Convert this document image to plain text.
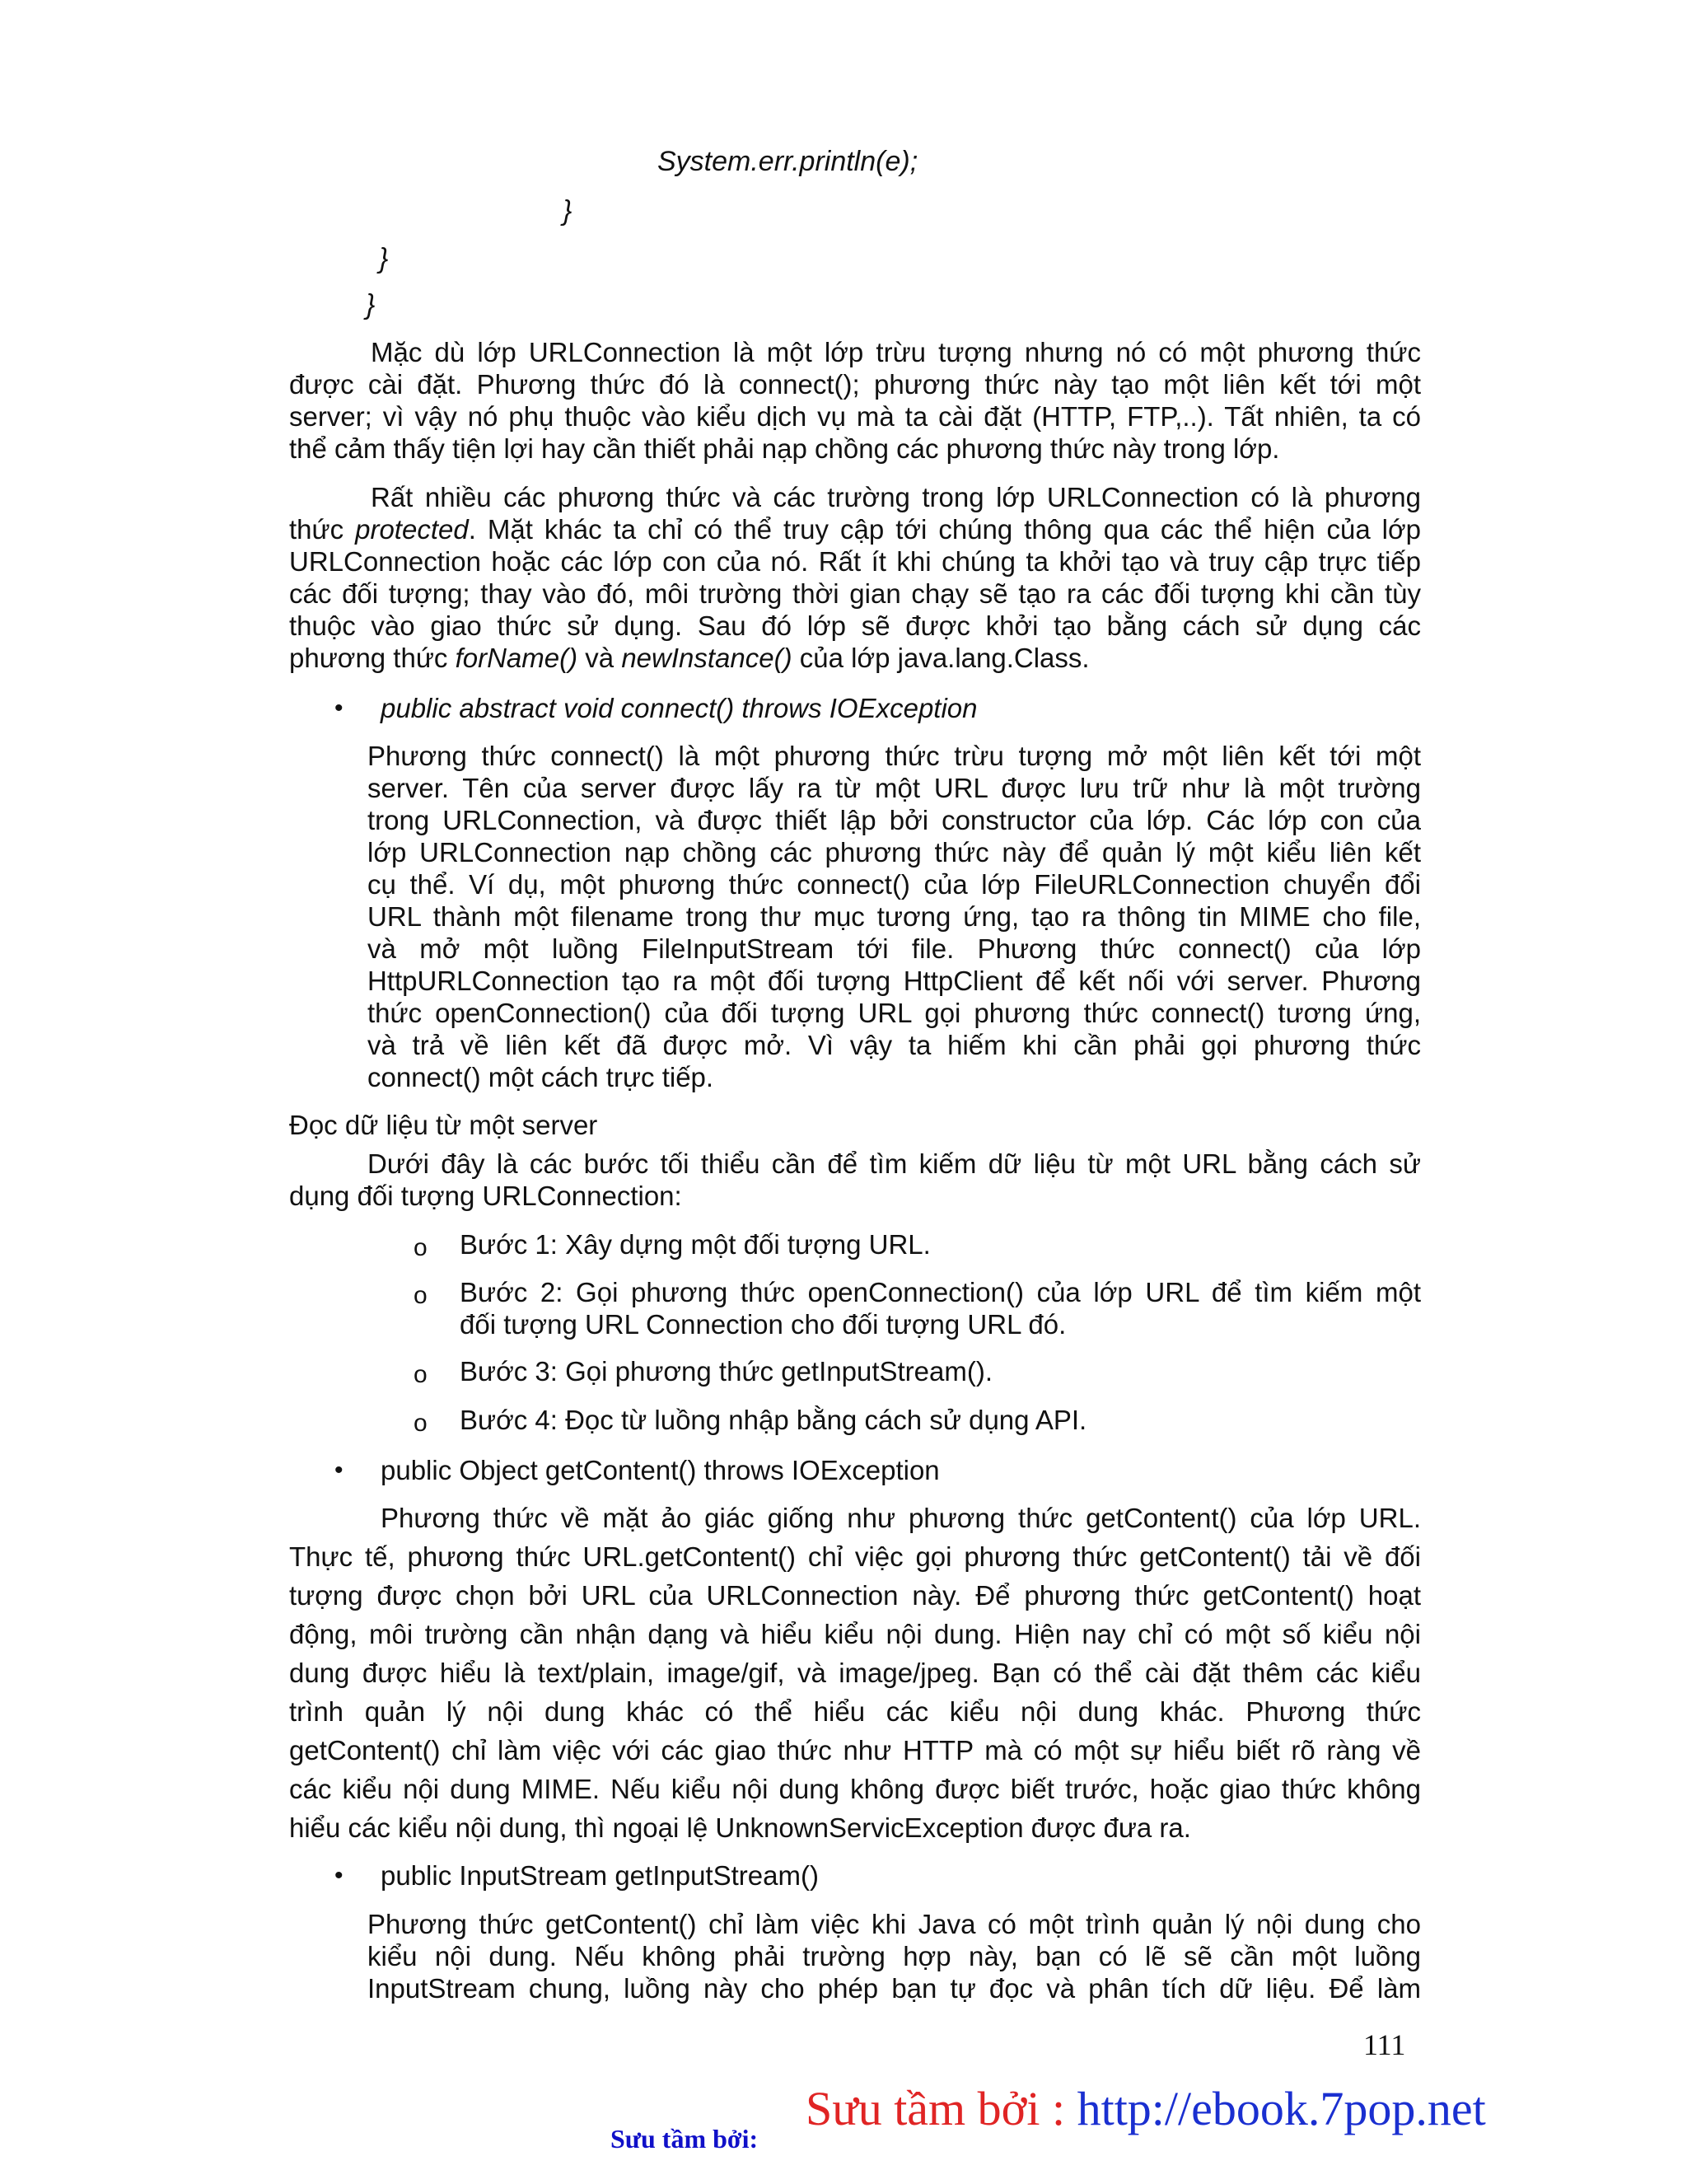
System.err.println(e);
}
}
}
Mặc dù lớp URLConnection là một lớp trừu tượng nhưng nó có một phương thức
được cài đặt. Phương thức đó là connect(); phương thức này tạo một liên kết tới một
server; vì vậy nó phụ thuộc vào kiểu dịch vụ mà ta cài đặt (HTTP, FTP,..). Tất nhiên, ta có
thể cảm thấy tiện lợi hay cần thiết phải nạp chồng các phương thức này trong lớp.
Rất nhiều các phương thức và các trường trong lớp URLConnection có là phương
thức protected. Mặt khác ta chỉ có thể truy cập tới chúng thông qua các thể hiện của lớp
URLConnection hoặc các lớp con của nó. Rất ít khi chúng ta khởi tạo và truy cập trực tiếp
các đối tượng; thay vào đó, môi trường thời gian chạy sẽ tạo ra các đối tượng khi cần tùy
thuộc vào giao thức sử dụng. Sau đó lớp sẽ được khởi tạo bằng cách sử dụng các
phương thức forName() và newInstance() của lớp java.lang.Class.
• public abstract void connect() throws IOException
Phương thức connect() là một phương thức trừu tượng mở một liên kết tới một
server. Tên của server được lấy ra từ một URL được lưu trữ như là một trường
trong URLConnection, và được thiết lập bởi constructor của lớp. Các lớp con của
lớp URLConnection nạp chồng các phương thức này để quản lý một kiểu liên kết
cụ thể. Ví dụ, một phương thức connect() của lớp FileURLConnection chuyển đổi
URL thành một filename trong thư mục tương ứng, tạo ra thông tin MIME cho file,
và mở một luồng FileInputStream tới file. Phương thức connect() của lớp
HttpURLConnection tạo ra một đối tượng HttpClient để kết nối với server. Phương
thức openConnection() của đối tượng URL gọi phương thức connect() tương ứng,
và trả về liên kết đã được mở. Vì vậy ta hiếm khi cần phải gọi phương thức
connect() một cách trực tiếp.
Đọc dữ liệu từ một server
Dưới đây là các bước tối thiểu cần để tìm kiếm dữ liệu từ một URL bằng cách sử
dụng đối tượng URLConnection:
o Bước 1: Xây dựng một đối tượng URL.
o Bước 2: Gọi phương thức openConnection() của lớp URL để tìm kiếm một
đối tượng URL Connection cho đối tượng URL đó.
o Bước 3: Gọi phương thức getInputStream().
o Bước 4: Đọc từ luồng nhập bằng cách sử dụng API.
• public Object getContent() throws IOException
Phương thức về mặt ảo giác giống như phương thức getContent() của lớp URL.
Thực tế, phương thức URL.getContent() chỉ việc gọi phương thức getContent() tải về đối
tượng được chọn bởi URL của URLConnection này. Để phương thức getContent() hoạt
động, môi trường cần nhận dạng và hiểu kiểu nội dung. Hiện nay chỉ có một số kiểu nội
dung được hiểu là text/plain, image/gif, và image/jpeg. Bạn có thể cài đặt thêm các kiểu
trình quản lý nội dung khác có thể hiểu các kiểu nội dung khác. Phương thức
getContent() chỉ làm việc với các giao thức như HTTP mà có một sự hiểu biết rõ ràng về
các kiểu nội dung MIME. Nếu kiểu nội dung không được biết trước, hoặc giao thức không
hiểu các kiểu nội dung, thì ngoại lệ UnknownServicException được đưa ra.
• public InputStream getInputStream()
Phương thức getContent() chỉ làm việc khi Java có một trình quản lý nội dung cho
kiểu nội dung. Nếu không phải trường hợp này, bạn có lẽ sẽ cần một luồng
InputStream chung, luồng này cho phép bạn tự đọc và phân tích dữ liệu. Để làm
111
Sưu tầm bởi : http://ebook.7pop.net
Sưu tầm bởi:
